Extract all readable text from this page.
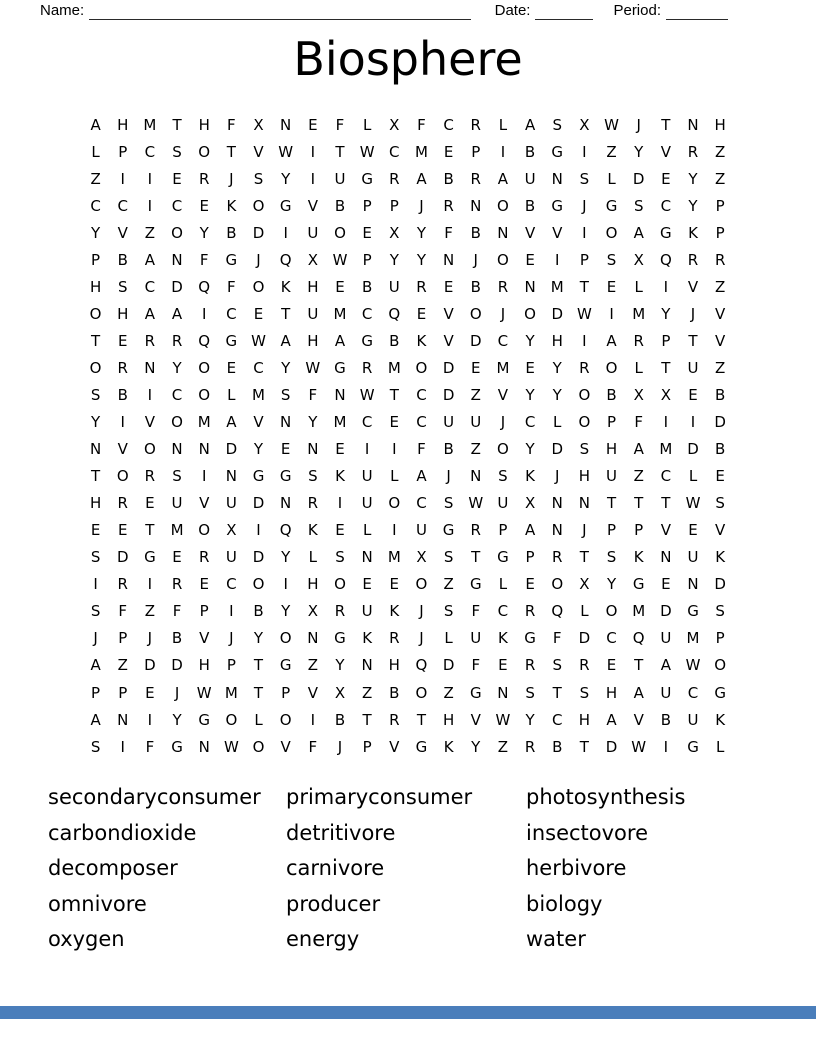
Name:	Date:	Period:
Biosphere
A	H	M	T	H	F	X	N	E	F	L	X	F	C	R	L	A	S	X W	J	T	N	H
L	P	C	S	O	T	V W	I	T	W C	M	E	P	I	B	G	I	Z	Y	V	R	Z
Z	I	I	E	R	J	S	Y	I	U	G	R	A	B	R	A	U	N	S	L	D	E	Y	Z
C	C	I	C	E	K	O	G	V	B	P	P	J	R	N	O	B	G	J	G	S	C	Y	P
Y	V	Z	O	Y	B	D	I	U	O	E	X	Y	F	B	N	V	V	I	O	A	G	K	P
P	B	A	N	F	G	J	Q	X W	P	Y	Y	N	J	O	E	I	P	S	X	Q	R	R
H	S	C	D	Q	F	O	K	H	E	B	U	R	E	B	R	N	M	T	E	L	I	V	Z
O	H	A	A	I	C	E	T	U	M	C	Q	E	V	O	J	O	D W	I	M	Y	J	V
T	E	R	R	Q	G W A	H	A	G	B	K	V	D	C	Y	H	I	A	R	P	T	V
O	R	N	Y	O	E	C	Y	W G	R	M O	D	E	M	E	Y	R	O	L	T	U	Z
S	B	I	C	O	L	M	S	F	N W	T	C	D	Z	V	Y	Y	O	B	X	X	E	B
Y	I	V	O M	A	V	N	Y	M	C	E	C	U	U	J	C	L	O	P	F	I	I	D
N	V	O	N	N	D	Y	E	N	E	I	I	F	B	Z	O	Y	D	S	H	A	M D	B
T	O	R	S	I	N	G	G	S	K	U	L	A	J	N	S	K	J	H	U	Z	C	L	E
H	R	E	U	V	U	D	N	R	I	U	O	C	S W U	X	N	N	T	T	T	W S
E	E	T	M O	X	I	Q	K	E	L	I	U	G	R	P	A	N	J	P	P	V	E	V
S	D	G	E	R	U	D	Y	L	S	N	M	X	S	T	G	P	R	T	S	K	N	U	K
I	R	I	R	E	C	O	I	H	O	E	E	O	Z	G	L	E	O	X	Y	G	E	N	D
S	F	Z	F	P	I	B	Y	X	R	U	K	J	S	F	C	R	Q	L	O M D	G	S
J	P	J	B	V	J	Y	O	N	G	K	R	J	L	U	K	G	F	D	C	Q	U	M	P
A	Z	D	D	H	P	T	G	Z	Y	N	H	Q	D	F	E	R	S	R	E	T	A W O
P	P	E	J	W M	T	P	V	X	Z	B	O	Z	G	N	S	T	S	H	A	U	C	G
A	N	I	Y	G	O	L	O	I	B	T	R	T	H	V W	Y	C	H	A	V	B	U	K
S	I	F	G	N W O	V	F	J	P	V	G	K	Y	Z	R	B	T	D W	I	G	L
secondaryconsumer
carbondioxide
decomposer
omnivore
oxygen
primaryconsumer
detritivore
carnivore
producer
energy
photosynthesis
insectovore
herbivore
biology
water
